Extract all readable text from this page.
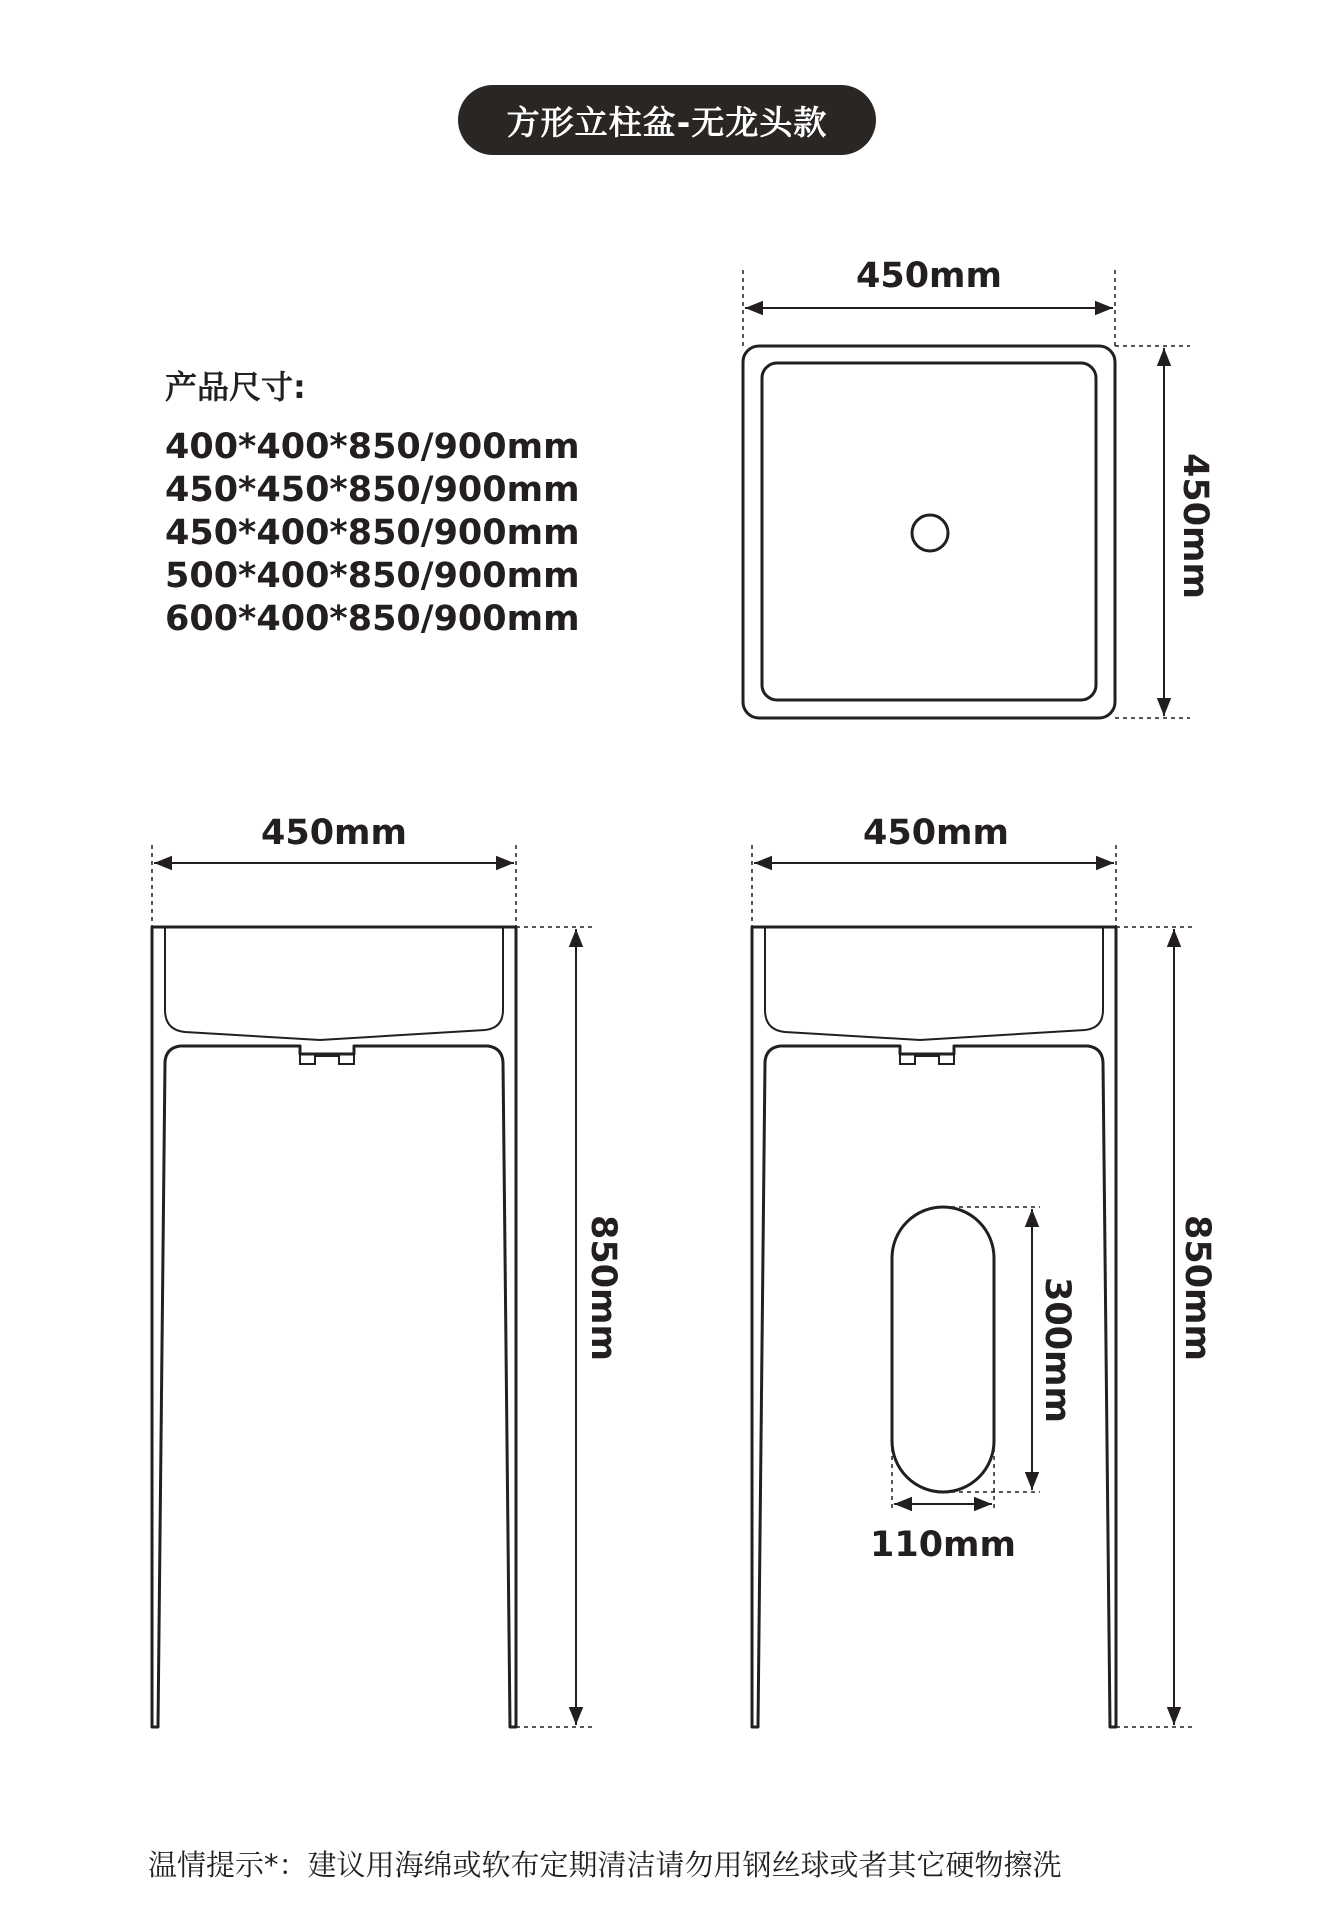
方形立柱盆-无龙头款
产品尺寸:
400*400*850/900mm
450*450*850/900mm
450*400*850/900mm
500*400*850/900mm
600*400*850/900mm
450mm
450mm
450mm
850mm
450mm
850mm
300mm
110mm
温情提示*：建议用海绵或软布定期清洁请勿用钢丝球或者其它硬物擦洗
